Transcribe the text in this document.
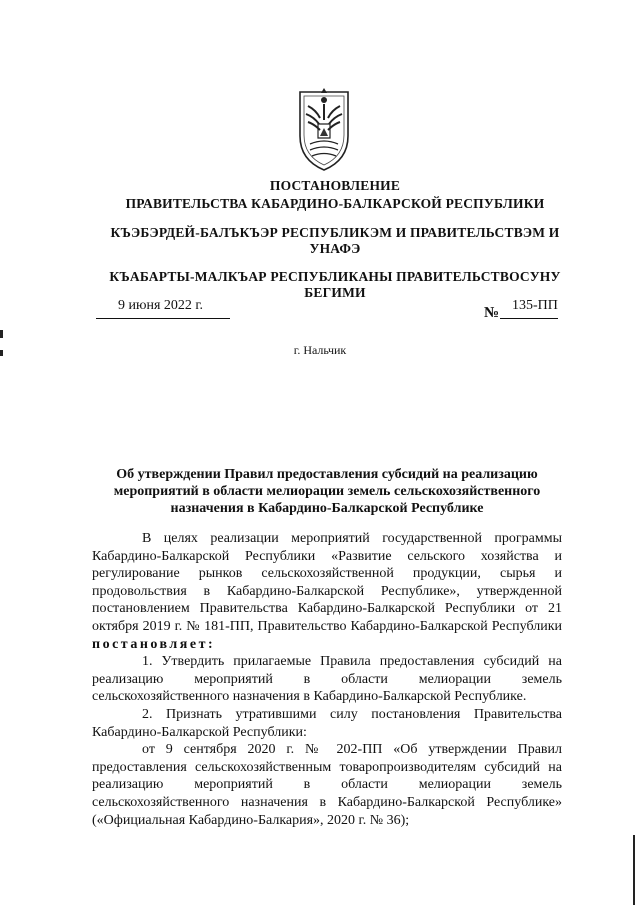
ПОСТАНОВЛЕНИЕ
ПРАВИТЕЛЬСТВА КАБАРДИНО-БАЛКАРСКОЙ РЕСПУБЛИКИ
КЪЭБЭРДЕЙ-БАЛЪКЪЭР РЕСПУБЛИКЭМ И ПРАВИТЕЛЬСТВЭМ И
УНАФЭ
КЪАБАРТЫ-МАЛКЪАР РЕСПУБЛИКАНЫ ПРАВИТЕЛЬСТВОСУНУ
БЕГИМИ
9 июня 2022 г.	№ 135-ПП
г. Нальчик
Об утверждении Правил предоставления субсидий на реализацию мероприятий в области мелиорации земель сельскохозяйственного назначения в Кабардино-Балкарской Республике

В целях реализации мероприятий государственной программы Кабардино-Балкарской Республики «Развитие сельского хозяйства и регулирование рынков сельскохозяйственной продукции, сырья и продовольствия в Кабардино-Балкарской Республике», утвержденной постановлением Правительства Кабардино-Балкарской Республики от 21 октября 2019 г. № 181-ПП, Правительство Кабардино-Балкарской Республики постановляет:

1. Утвердить прилагаемые Правила предоставления субсидий на реализацию мероприятий в области мелиорации земель сельскохозяйственного назначения в Кабардино-Балкарской Республике.

2. Признать утратившими силу постановления Правительства Кабардино-Балкарской Республики:

от 9 сентября 2020 г. № 202-ПП «Об утверждении Правил предоставления сельскохозяйственным товаропроизводителям субсидий на реализацию мероприятий в области мелиорации земель сельскохозяйственного назначения в Кабардино-Балкарской Республике» («Официальная Кабардино-Балкария», 2020 г. № 36);
